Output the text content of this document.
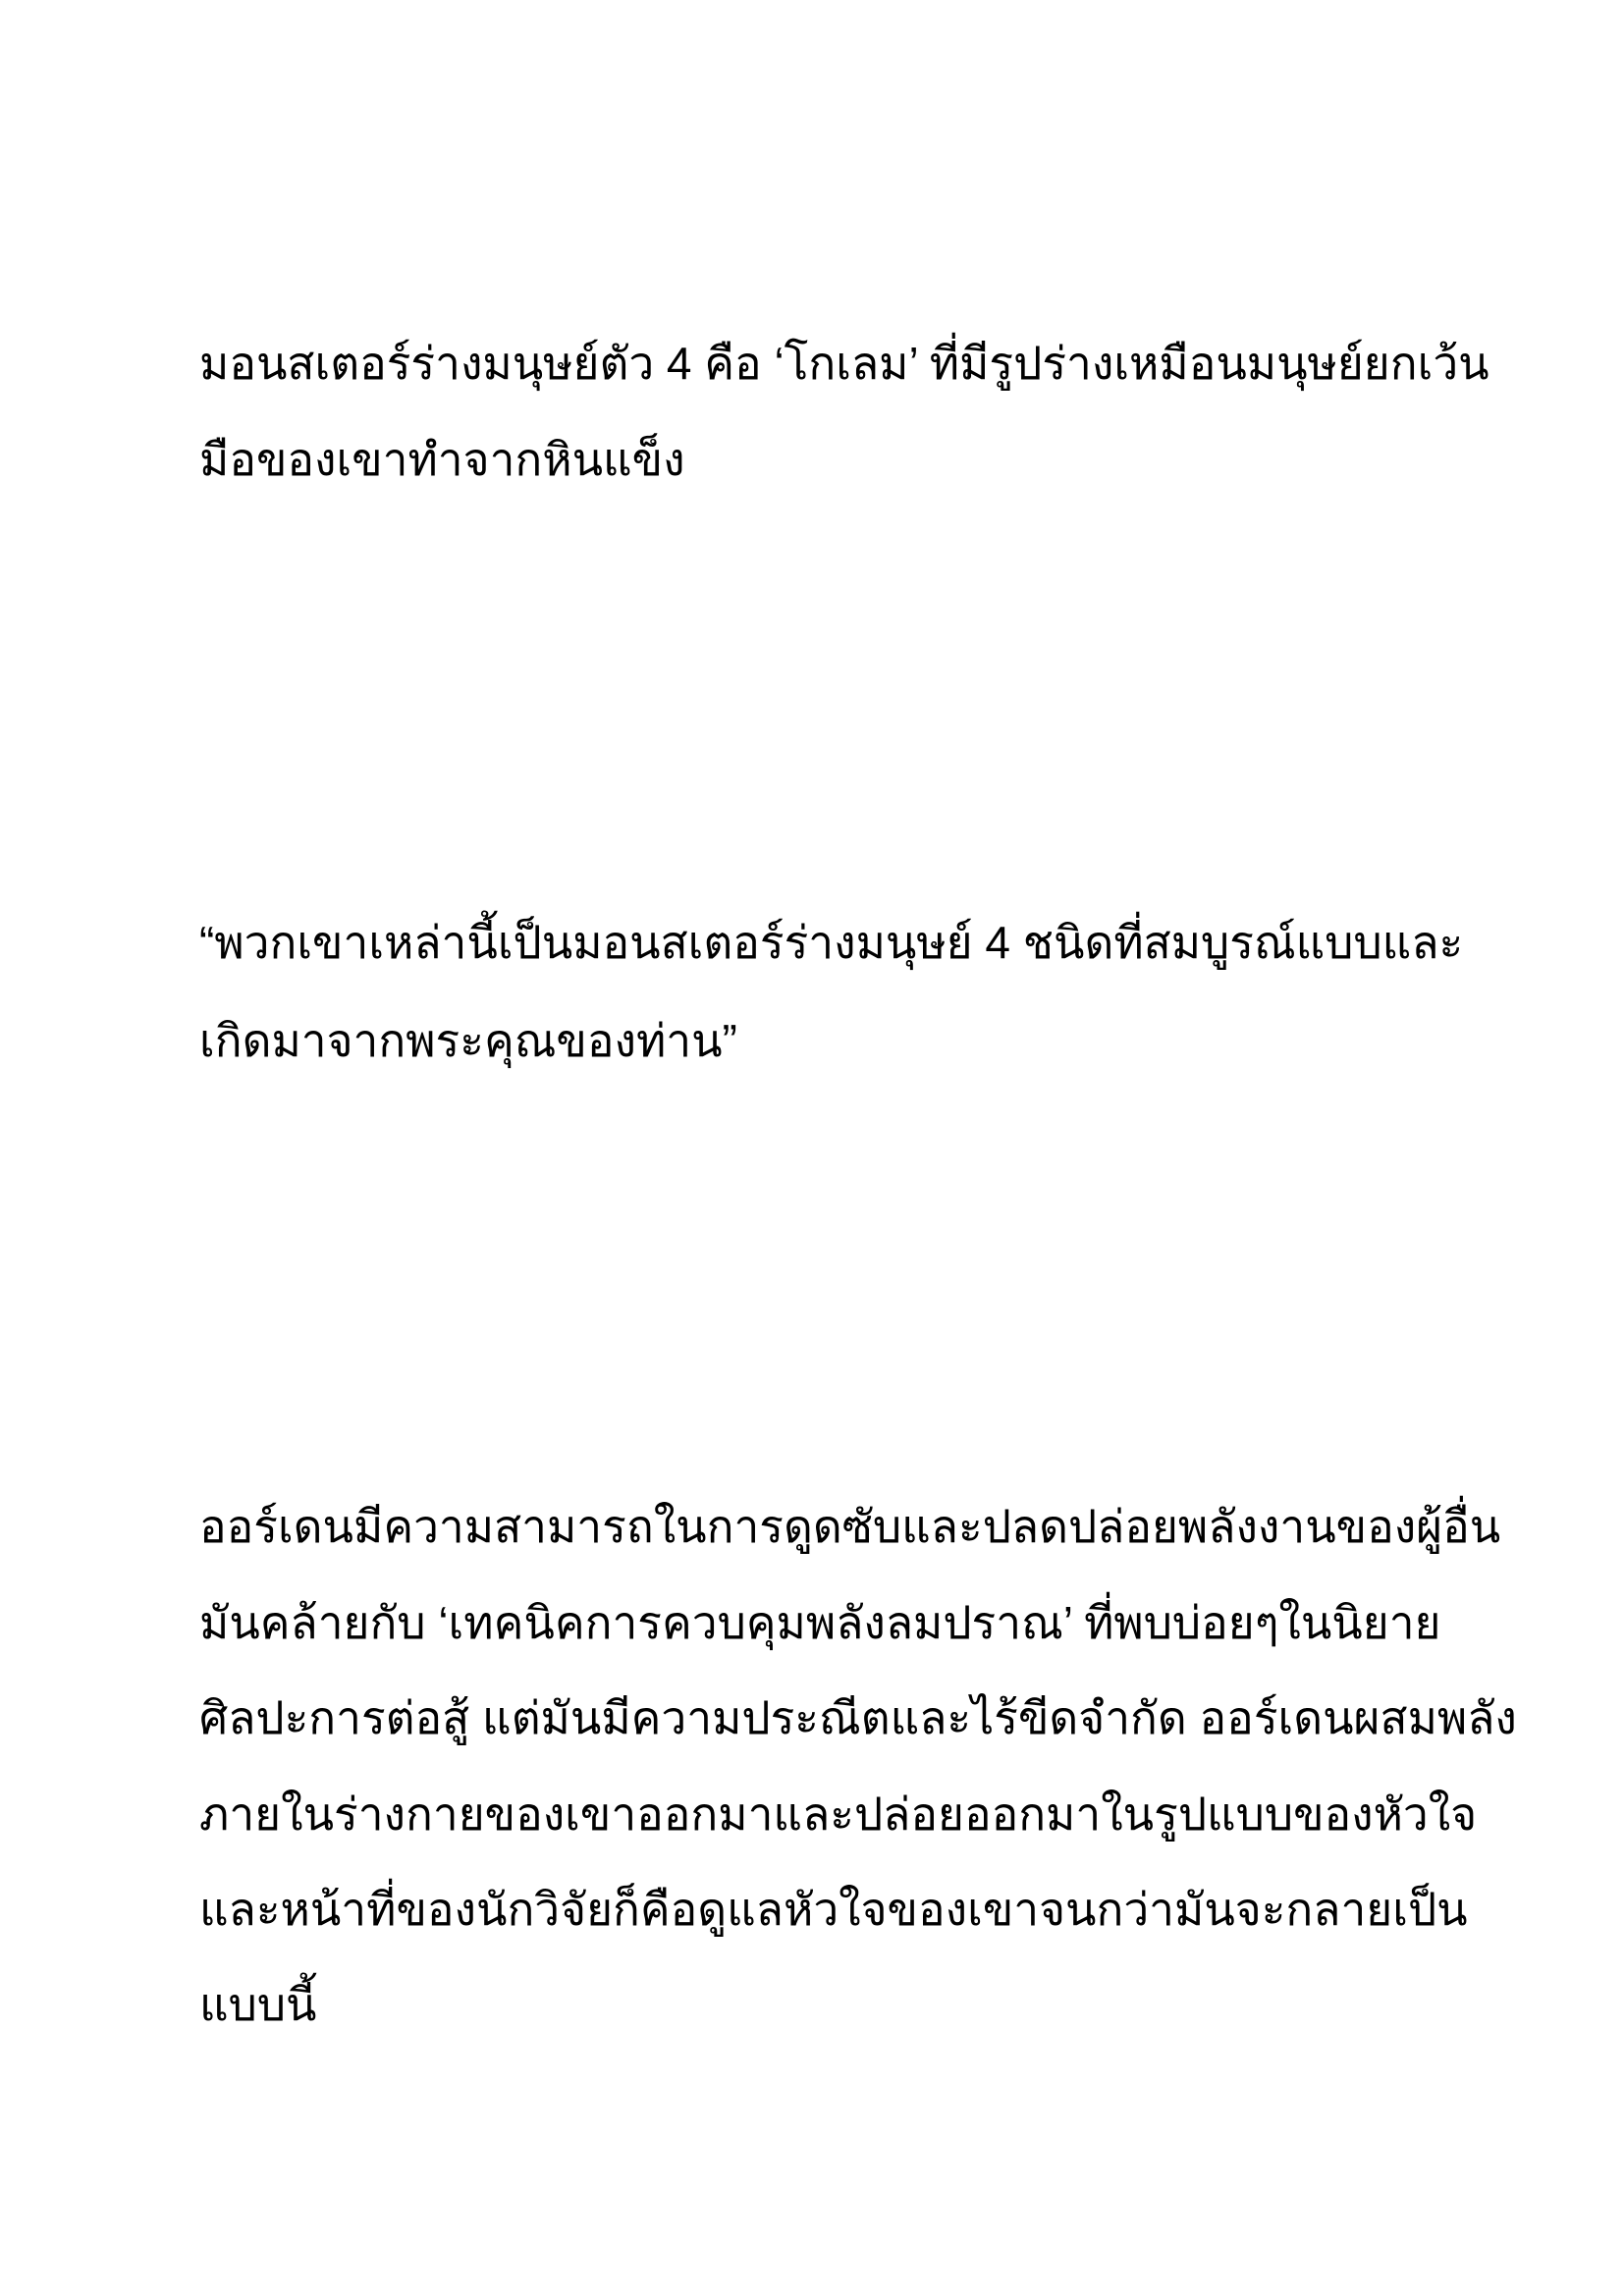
มอนสเตอร์ร่างมนุษย์ตัว 4 คือ ‘โกเลม’ ที่มีรูปร่างเหมือนมนุษย์ยกเว้น
มือของเขาทำจากหินแข็ง
“พวกเขาเหล่านี้เป็นมอนสเตอร์ร่างมนุษย์ 4 ชนิดที่สมบูรณ์แบบและ
เกิดมาจากพระคุณของท่าน”
ออร์เดนมีความสามารถในการดูดซับและปลดปล่อยพลังงานของผู้อื่น
มันคล้ายกับ ‘เทคนิคการควบคุมพลังลมปราณ’ ที่พบบ่อยๆในนิยาย
ศิลปะการต่อสู้ แต่มันมีความประณีตและไร้ขีดจำกัด ออร์เดนผสมพลัง
ภายในร่างกายของเขาออกมาและปล่อยออกมาในรูปแบบของหัวใจ
และหน้าที่ของนักวิจัยก็คือดูแลหัวใจของเขาจนกว่ามันจะกลายเป็น
แบบนี้
